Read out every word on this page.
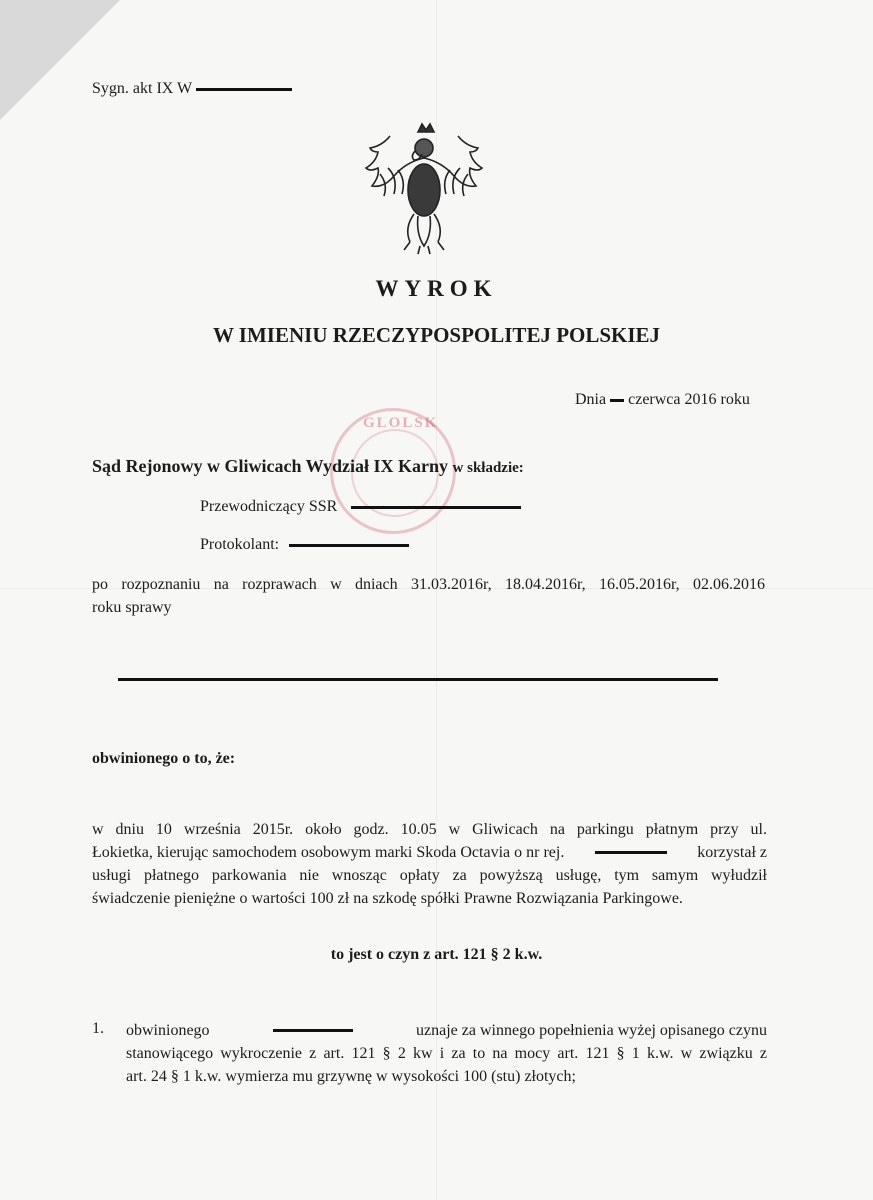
Sygn. akt IX W
WYROK
W IMIENIU RZECZYPOSPOLITEJ POLSKIEJ
Dnia czerwca 2016 roku
GLOLSK
Sąd Rejonowy w Gliwicach Wydział IX Karny w składzie:
Przewodniczący SSR
Protokolant:
po rozpoznaniu na rozprawach w dniach 31.03.2016r, 18.04.2016r, 16.05.2016r, 02.06.2016
roku sprawy
obwinionego o to, że:
w dniu 10 września 2015r. około godz. 10.05 w Gliwicach na parkingu płatnym przy ul.
Łokietka, kierując samochodem osobowym marki Skoda Octavia o nr rej.	korzystał z
usługi płatnego parkowania nie wnosząc opłaty za powyższą usługę, tym samym wyłudził
świadczenie pieniężne o wartości 100 zł na szkodę spółki Prawne Rozwiązania Parkingowe.
to jest o czyn z art. 121 § 2 k.w.
1. obwinionego	uznaje za winnego popełnienia wyżej opisanego czynu
stanowiącego wykroczenie z art. 121 § 2 kw i za to na mocy art. 121 § 1 k.w. w związku z
art. 24 § 1 k.w. wymierza mu grzywnę w wysokości 100 (stu) złotych;
